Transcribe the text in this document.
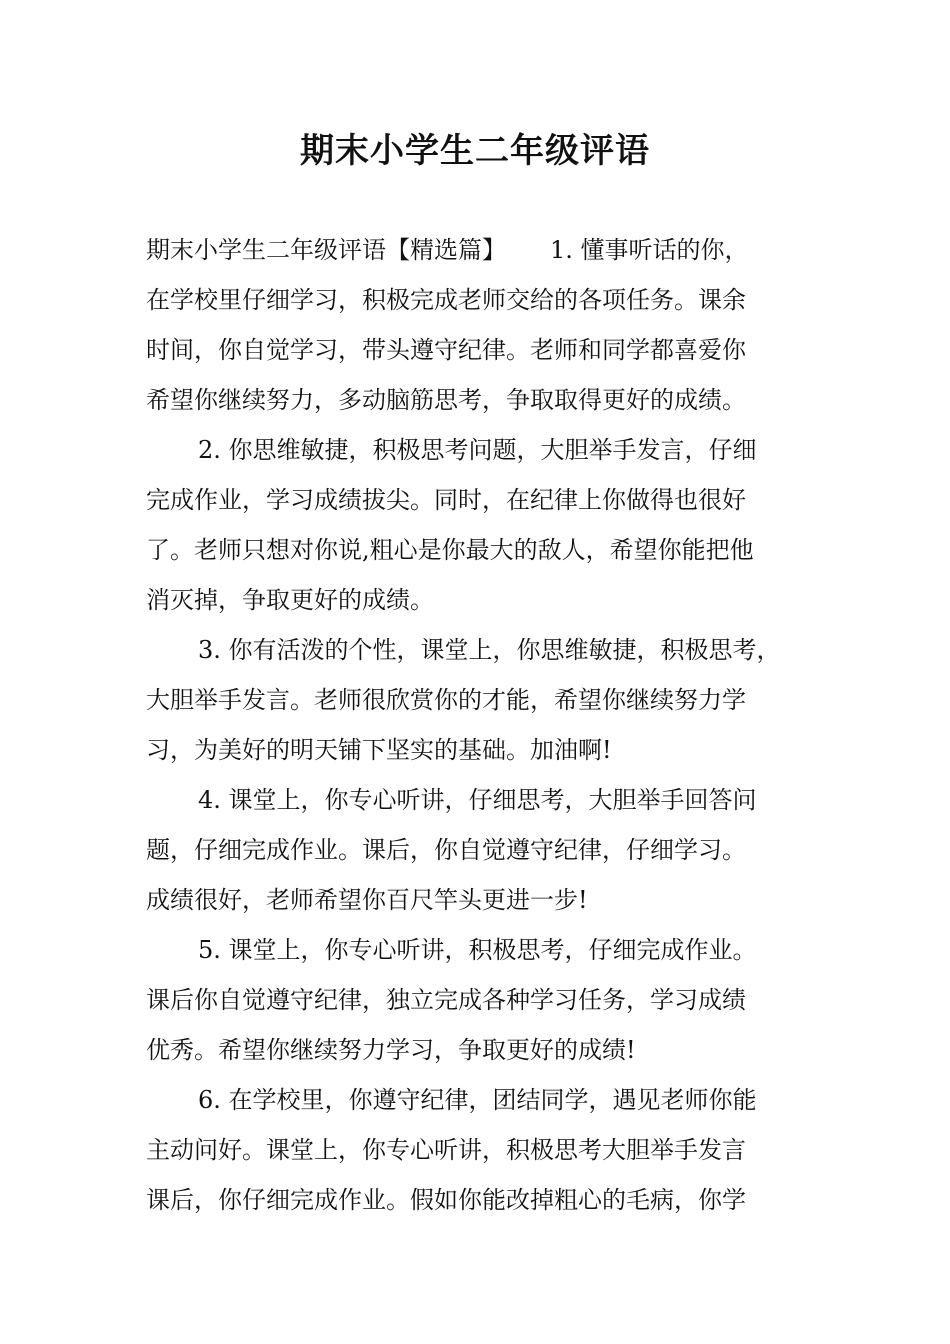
期末小学生二年级评语
期末小学生二年级评语【精选篇】 1. 懂事听话的你，
在学校里仔细学习，积极完成老师交给的各项任务。课余
时间，你自觉学习，带头遵守纪律。老师和同学都喜爱你
希望你继续努力，多动脑筋思考，争取取得更好的成绩。
2. 你思维敏捷，积极思考问题，大胆举手发言，仔细
完成作业，学习成绩拔尖。同时，在纪律上你做得也很好
了。老师只想对你说,粗心是你最大的敌人，希望你能把他
消灭掉，争取更好的成绩。
3. 你有活泼的个性，课堂上，你思维敏捷，积极思考，
大胆举手发言。老师很欣赏你的才能，希望你继续努力学
习，为美好的明天铺下坚实的基础。加油啊!
4. 课堂上，你专心听讲，仔细思考，大胆举手回答问
题，仔细完成作业。课后，你自觉遵守纪律，仔细学习。
成绩很好，老师希望你百尺竿头更进一步!
5. 课堂上，你专心听讲，积极思考，仔细完成作业。
课后你自觉遵守纪律，独立完成各种学习任务，学习成绩
优秀。希望你继续努力学习，争取更好的成绩!
6. 在学校里，你遵守纪律，团结同学，遇见老师你能
主动问好。课堂上，你专心听讲，积极思考大胆举手发言
课后，你仔细完成作业。假如你能改掉粗心的毛病，你学
